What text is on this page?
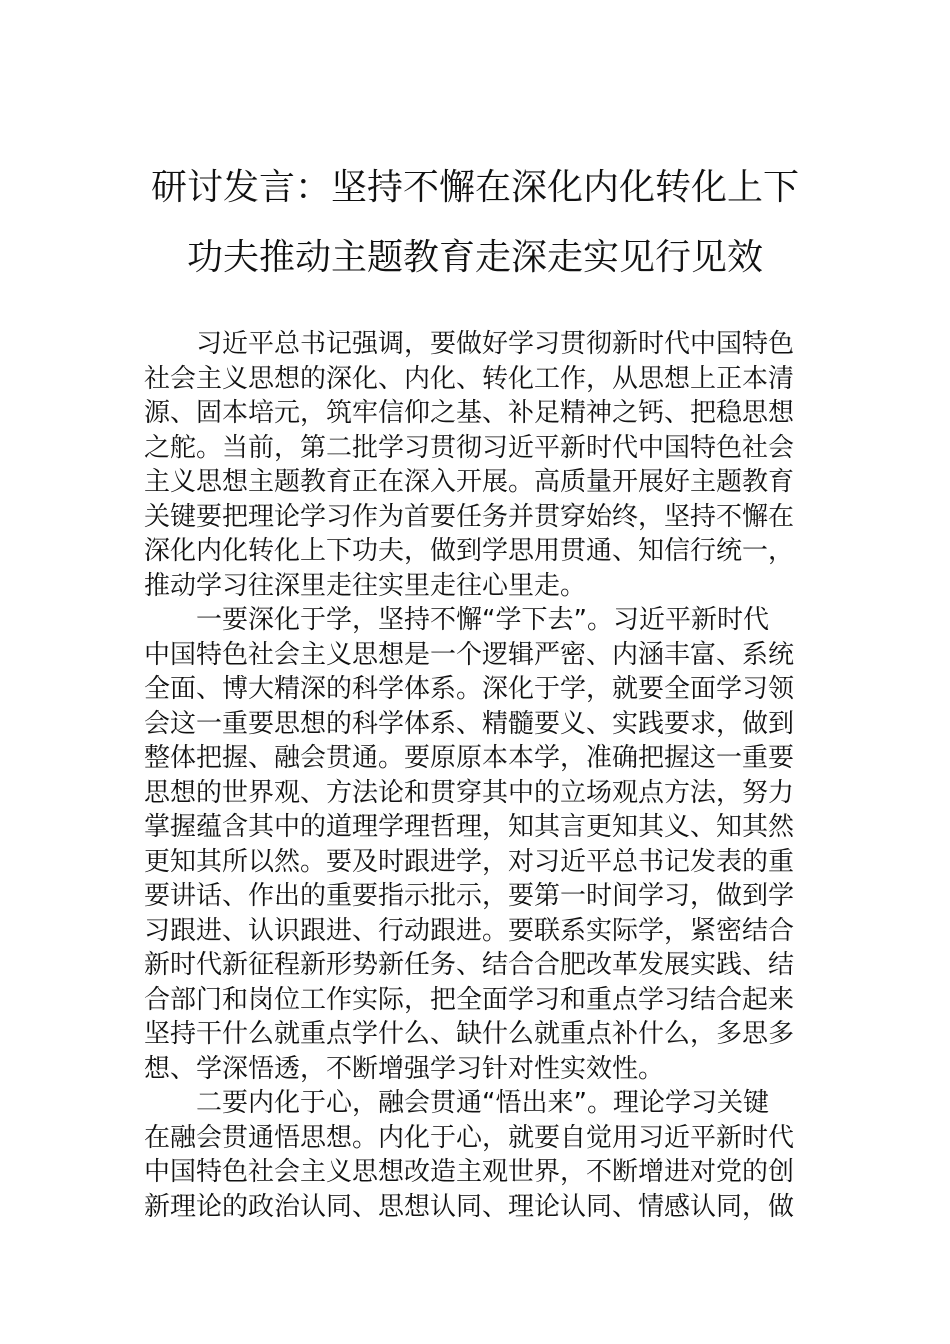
研讨发言：坚持不懈在深化内化转化上下
功夫推动主题教育走深走实见行见效
习近平总书记强调，要做好学习贯彻新时代中国特色
社会主义思想的深化、内化、转化工作，从思想上正本清
源、固本培元，筑牢信仰之基、补足精神之钙、把稳思想
之舵。当前，第二批学习贯彻习近平新时代中国特色社会
主义思想主题教育正在深入开展。高质量开展好主题教育
关键要把理论学习作为首要任务并贯穿始终，坚持不懈在
深化内化转化上下功夫，做到学思用贯通、知信行统一，
推动学习往深里走往实里走往心里走。
一要深化于学，坚持不懈“学下去”。习近平新时代
中国特色社会主义思想是一个逻辑严密、内涵丰富、系统
全面、博大精深的科学体系。深化于学，就要全面学习领
会这一重要思想的科学体系、精髓要义、实践要求，做到
整体把握、融会贯通。要原原本本学，准确把握这一重要
思想的世界观、方法论和贯穿其中的立场观点方法，努力
掌握蕴含其中的道理学理哲理，知其言更知其义、知其然
更知其所以然。要及时跟进学，对习近平总书记发表的重
要讲话、作出的重要指示批示，要第一时间学习，做到学
习跟进、认识跟进、行动跟进。要联系实际学，紧密结合
新时代新征程新形势新任务、结合合肥改革发展实践、结
合部门和岗位工作实际，把全面学习和重点学习结合起来
坚持干什么就重点学什么、缺什么就重点补什么，多思多
想、学深悟透，不断增强学习针对性实效性。
二要内化于心，融会贯通“悟出来”。理论学习关键
在融会贯通悟思想。内化于心，就要自觉用习近平新时代
中国特色社会主义思想改造主观世界，不断增进对党的创
新理论的政治认同、思想认同、理论认同、情感认同，做
